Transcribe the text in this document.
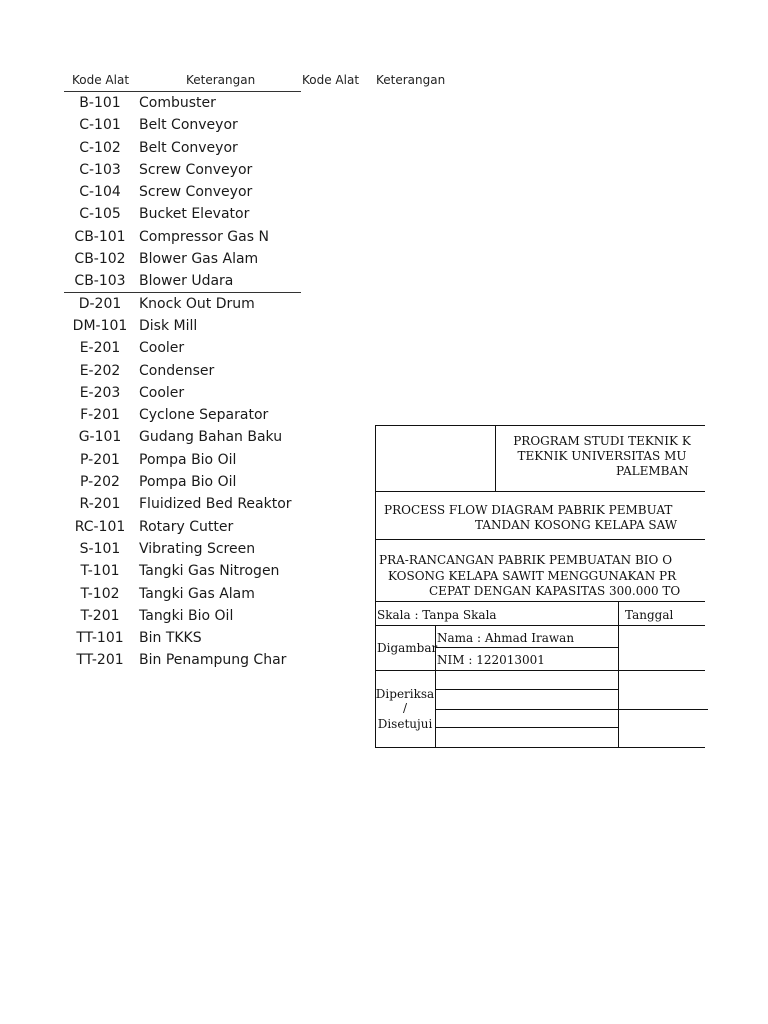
Kode Alat	Keterangan	Kode Alat Keterangan
B-101	Combuster
C-101	Belt Conveyor
C-102	Belt Conveyor
C-103	Screw Conveyor
C-104	Screw Conveyor
C-105	Bucket Elevator
CB-101 Compressor Gas N
CB-102 Blower Gas Alam
CB-103 Blower Udara
D-201	Knock Out Drum
DM-101 Disk Mill
E-201	Cooler
E-202	Condenser
E-203	Cooler
F-201	Cyclone Separator
G-101	Gudang Bahan Baku
P-201	Pompa Bio Oil
P-202	Pompa Bio Oil
R-201	Fluidized Bed Reaktor
RC-101 Rotary Cutter
S-101	Vibrating Screen
T-101	Tangki Gas Nitrogen
T-102	Tangki Gas Alam
T-201	Tangki Bio Oil
TT-101	Bin TKKS
TT-201	Bin Penampung Char
PROGRAM STUDI TEKNIK K
TEKNIK UNIVERSITAS MU
PALEMBAN
PROCESS FLOW DIAGRAM PABRIK PEMBUAT
TANDAN KOSONG KELAPA SAW
PRA-RANCANGAN PABRIK PEMBUATAN BIO O
KOSONG KELAPA SAWIT MENGGUNAKAN PR
CEPAT DENGAN KAPASITAS 300.000 TO
Skala : Tanpa Skala	Tanggal
Digambar
Nama : Ahmad Irawan
NIM : 122013001
Diperiksa
/
Disetujui
